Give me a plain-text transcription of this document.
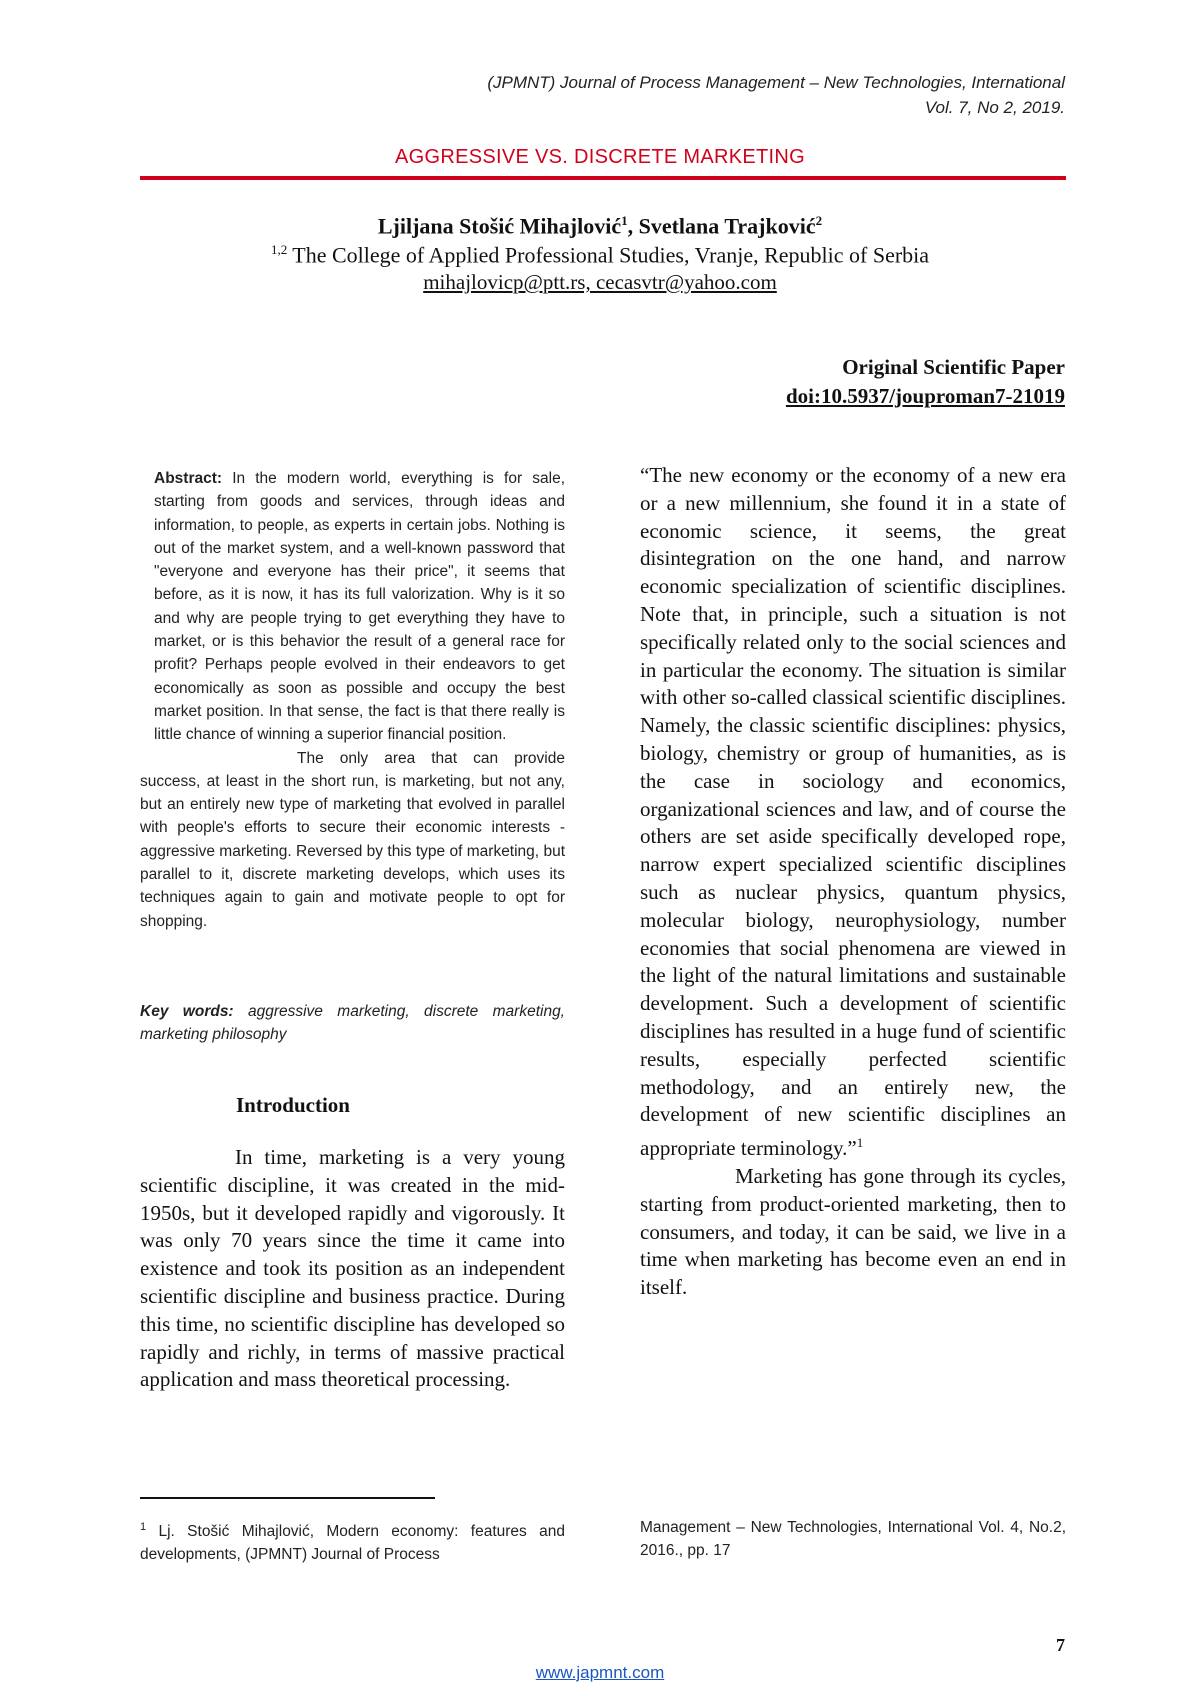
(JPMNT) Journal of Process Management – New Technologies, International
Vol. 7, No 2, 2019.
AGGRESSIVE VS. DISCRETE MARKETING
Ljiljana Stošić Mihajlović$^1$, Svetlana Trajković$^2$
$^{1,2}$ The College of Applied Professional Studies, Vranje, Republic of Serbia
mihajlovicp@ptt.rs, cecasvtr@yahoo.com
Original Scientific Paper
doi:10.5937/jouproman7-21019

Abstract: In the modern world, everything is for sale, starting from goods and services, through ideas and information, to people, as experts in certain jobs. Nothing is out of the market system, and a well-known password that "everyone and everyone has their price", it seems that before, as it is now, it has its full valorization. Why is it so and why are people trying to get everything they have to market, or is this behavior the result of a general race for profit? Perhaps people evolved in their endeavors to get economically as soon as possible and occupy the best market position. In that sense, the fact is that there really is little chance of winning a superior financial position.

The only area that can provide success, at least in the short run, is marketing, but not any, but an entirely new type of marketing that evolved in parallel with people's efforts to secure their economic interests - aggressive marketing. Reversed by this type of marketing, but parallel to it, discrete marketing develops, which uses its techniques again to gain and motivate people to opt for shopping.

Key words: aggressive marketing, discrete marketing, marketing philosophy
Introduction

In time, marketing is a very young scientific discipline, it was created in the mid-1950s, but it developed rapidly and vigorously. It was only 70 years since the time it came into existence and took its position as an independent scientific discipline and business practice. During this time, no scientific discipline has developed so rapidly and richly, in terms of massive practical application and mass theoretical processing.

“The new economy or the economy of a new era or a new millennium, she found it in a state of economic science, it seems, the great disintegration on the one hand, and narrow economic specialization of scientific disciplines. Note that, in principle, such a situation is not specifically related only to the social sciences and in particular the economy. The situation is similar with other so-called classical scientific disciplines. Namely, the classic scientific disciplines: physics, biology, chemistry or group of humanities, as is the case in sociology and economics, organizational sciences and law, and of course the others are set aside specifically developed rope, narrow expert specialized scientific disciplines such as nuclear physics, quantum physics, molecular biology, neurophysiology, number economies that social phenomena are viewed in the light of the natural limitations and sustainable development. Such a development of scientific disciplines has resulted in a huge fund of scientific results, especially perfected scientific methodology, and an entirely new, the development of new scientific disciplines an appropriate terminology.”$^1$

Marketing has gone through its cycles, starting from product-oriented marketing, then to consumers, and today, it can be said, we live in a time when marketing has become even an end in itself.

$^1$ Lj. Stošić Mihajlović, Modern economy: features and developments, (JPMNT) Journal of Process
Management – New Technologies, International Vol. 4, No.2, 2016., pp. 17
7
www.japmnt.com
